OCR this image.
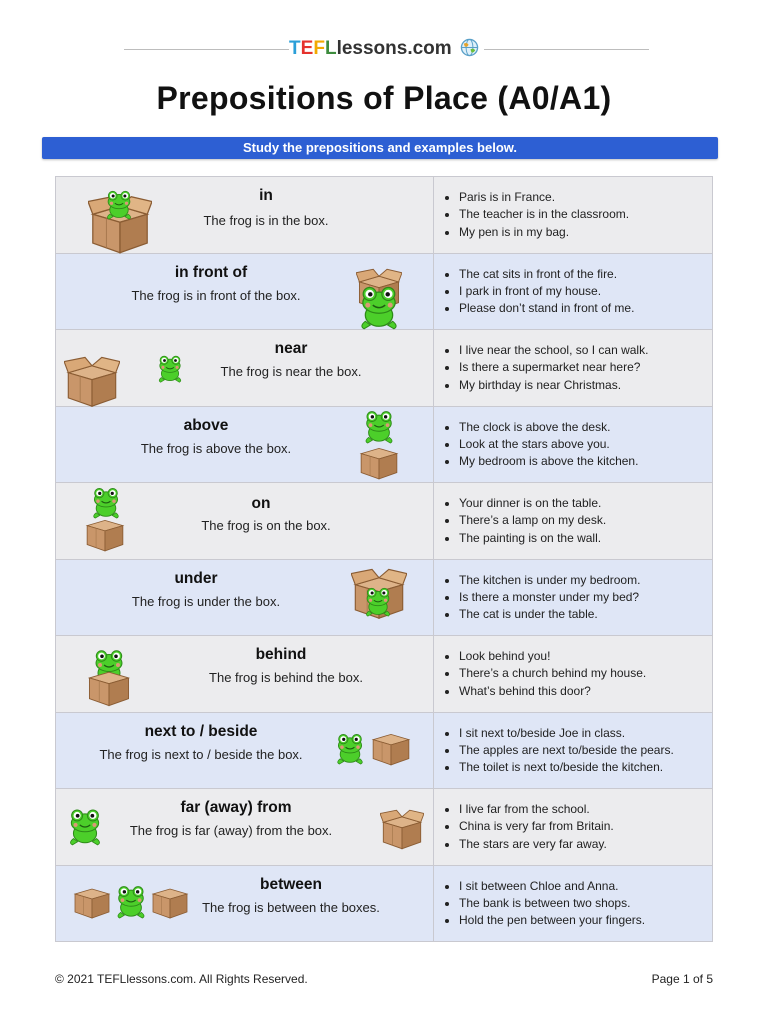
TEFLlessons.com
Prepositions of Place (A0/A1)
Study the prepositions and examples below.
in
The frog is in the box.
• Paris is in France.
• The teacher is in the classroom.
• My pen is in my bag.
in front of
The frog is in front of the box.
• The cat sits in front of the fire.
• I park in front of my house.
• Please don’t stand in front of me.
near
The frog is near the box.
• I live near the school, so I can walk.
• Is there a supermarket near here?
• My birthday is near Christmas.
above
The frog is above the box.
• The clock is above the desk.
• Look at the stars above you.
• My bedroom is above the kitchen.
on
The frog is on the box.
• Your dinner is on the table.
• There’s a lamp on my desk.
• The painting is on the wall.
under
The frog is under the box.
• The kitchen is under my bedroom.
• Is there a monster under my bed?
• The cat is under the table.
behind
The frog is behind the box.
• Look behind you!
• There’s a church behind my house.
• What’s behind this door?
next to / beside
The frog is next to / beside the box.
• I sit next to/beside Joe in class.
• The apples are next to/beside the pears.
• The toilet is next to/beside the kitchen.
far (away) from
The frog is far (away) from the box.
• I live far from the school.
• China is very far from Britain.
• The stars are very far away.
between
The frog is between the boxes.
• I sit between Chloe and Anna.
• The bank is between two shops.
• Hold the pen between your fingers.
© 2021 TEFLlessons.com. All Rights Reserved.	Page 1 of 5
